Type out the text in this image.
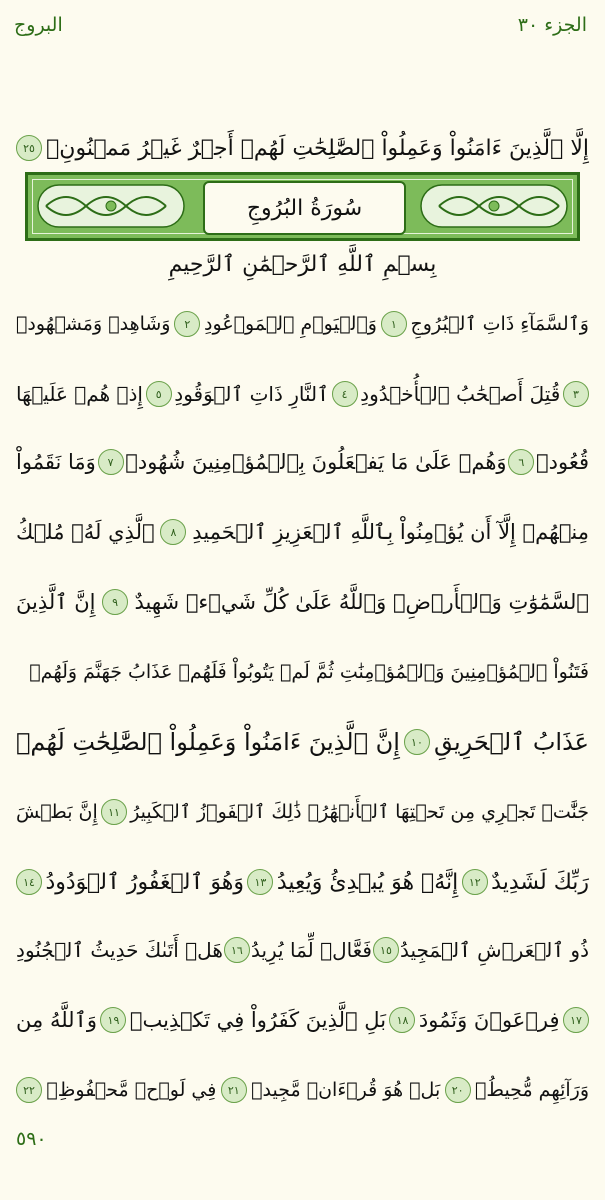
الجزء ٣٠
البروج
إِلَّا ٱلَّذِينَ ءَامَنُواْ وَعَمِلُواْ ٱلصَّٰلِحَٰتِ لَهُمۡ أَجۡرٌ غَيۡرُ مَمۡنُونِۭ
٢٥
سُورَةُ البُرُوجِ
بِسۡمِ ٱللَّهِ ٱلرَّحۡمَٰنِ ٱلرَّحِيمِ
وَٱلسَّمَآءِ ذَاتِ ٱلۡبُرُوجِ
١
وَٱلۡيَوۡمِ ٱلۡمَوۡعُودِ
٢
وَشَاهِدٖ وَمَشۡهُودٖ
٣
قُتِلَ أَصۡحَٰبُ ٱلۡأُخۡدُودِ
٤
ٱلنَّارِ ذَاتِ ٱلۡوَقُودِ
٥
إِذۡ هُمۡ عَلَيۡهَا
قُعُودٞ
٦
وَهُمۡ عَلَىٰ مَا يَفۡعَلُونَ بِٱلۡمُؤۡمِنِينَ شُهُودٞ
٧
وَمَا نَقَمُواْ
مِنۡهُمۡ إِلَّآ أَن يُؤۡمِنُواْ بِٱللَّهِ ٱلۡعَزِيزِ ٱلۡحَمِيدِ
٨
ٱلَّذِي لَهُۥ مُلۡكُ
ٱلسَّمَٰوَٰتِ وَٱلۡأَرۡضِۚ وَٱللَّهُ عَلَىٰ كُلِّ شَيۡءٖ شَهِيدٌ
٩
إِنَّ ٱلَّذِينَ
فَتَنُواْ ٱلۡمُؤۡمِنِينَ وَٱلۡمُؤۡمِنَٰتِ ثُمَّ لَمۡ يَتُوبُواْ فَلَهُمۡ عَذَابُ جَهَنَّمَ وَلَهُمۡ
عَذَابُ ٱلۡحَرِيقِ
١٠
إِنَّ ٱلَّذِينَ ءَامَنُواْ وَعَمِلُواْ ٱلصَّٰلِحَٰتِ لَهُمۡ
جَنَّٰتٞ تَجۡرِي مِن تَحۡتِهَا ٱلۡأَنۡهَٰرُۚ ذَٰلِكَ ٱلۡفَوۡزُ ٱلۡكَبِيرُ
١١
إِنَّ بَطۡشَ
رَبِّكَ لَشَدِيدٌ
١٢
إِنَّهُۥ هُوَ يُبۡدِئُ وَيُعِيدُ
١٣
وَهُوَ ٱلۡغَفُورُ ٱلۡوَدُودُ
١٤
ذُو ٱلۡعَرۡشِ ٱلۡمَجِيدُ
١٥
فَعَّالٞ لِّمَا يُرِيدُ
١٦
هَلۡ أَتَىٰكَ حَدِيثُ ٱلۡجُنُودِ
١٧
فِرۡعَوۡنَ وَثَمُودَ
١٨
بَلِ ٱلَّذِينَ كَفَرُواْ فِي تَكۡذِيبٖ
١٩
وَٱللَّهُ مِن
وَرَآئِهِم مُّحِيطُۢ
٢٠
بَلۡ هُوَ قُرۡءَانٞ مَّجِيدٞ
٢١
فِي لَوۡحٖ مَّحۡفُوظِۭ
٢٢
٥٩٠
